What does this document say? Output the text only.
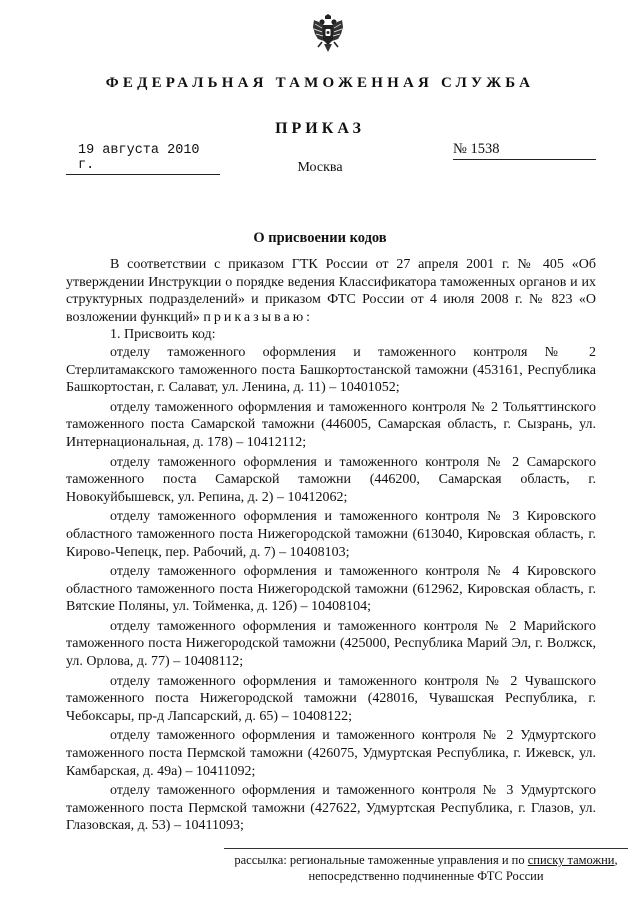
ФЕДЕРАЛЬНАЯ ТАМОЖЕННАЯ СЛУЖБА
ПРИКАЗ
19 августа 2010 г.
№ 1538
Москва
О присвоении кодов

В соответствии с приказом ГТК России от 27 апреля 2001 г. № 405 «Об утверждении Инструкции о порядке ведения Классификатора таможенных органов и их структурных подразделений» и приказом ФТС России от 4 июля 2008 г. № 823 «О возложении функций» приказываю:

1. Присвоить код:

отделу таможенного оформления и таможенного контроля № 2 Стерлитамакского таможенного поста Башкортостанской таможни (453161, Республика Башкортостан, г. Салават, ул. Ленина, д. 11) – 10401052;

отделу таможенного оформления и таможенного контроля № 2 Тольяттинского таможенного поста Самарской таможни (446005, Самарская область, г. Сызрань, ул. Интернациональная, д. 178) – 10412112;

отделу таможенного оформления и таможенного контроля № 2 Самарского таможенного поста Самарской таможни (446200, Самарская область, г. Новокуйбышевск, ул. Репина, д. 2) – 10412062;

отделу таможенного оформления и таможенного контроля № 3 Кировского областного таможенного поста Нижегородской таможни (613040, Кировская область, г. Кирово-Чепецк, пер. Рабочий, д. 7) – 10408103;

отделу таможенного оформления и таможенного контроля № 4 Кировского областного таможенного поста Нижегородской таможни (612962, Кировская область, г. Вятские Поляны, ул. Тойменка, д. 12б) – 10408104;

отделу таможенного оформления и таможенного контроля № 2 Марийского таможенного поста Нижегородской таможни (425000, Республика Марий Эл, г. Волжск, ул. Орлова, д. 77) – 10408112;

отделу таможенного оформления и таможенного контроля № 2 Чувашского таможенного поста Нижегородской таможни (428016, Чувашская Республика, г. Чебоксары, пр-д Лапсарский, д. 65) – 10408122;

отделу таможенного оформления и таможенного контроля № 2 Удмуртского таможенного поста Пермской таможни (426075, Удмуртская Республика, г. Ижевск, ул. Камбарская, д. 49а) – 10411092;

отделу таможенного оформления и таможенного контроля № 3 Удмуртского таможенного поста Пермской таможни (427622, Удмуртская Республика, г. Глазов, ул. Глазовская, д. 53) – 10411093;

рассылка: региональные таможенные управления и по списку таможни,
непосредственно подчиненные ФТС России
